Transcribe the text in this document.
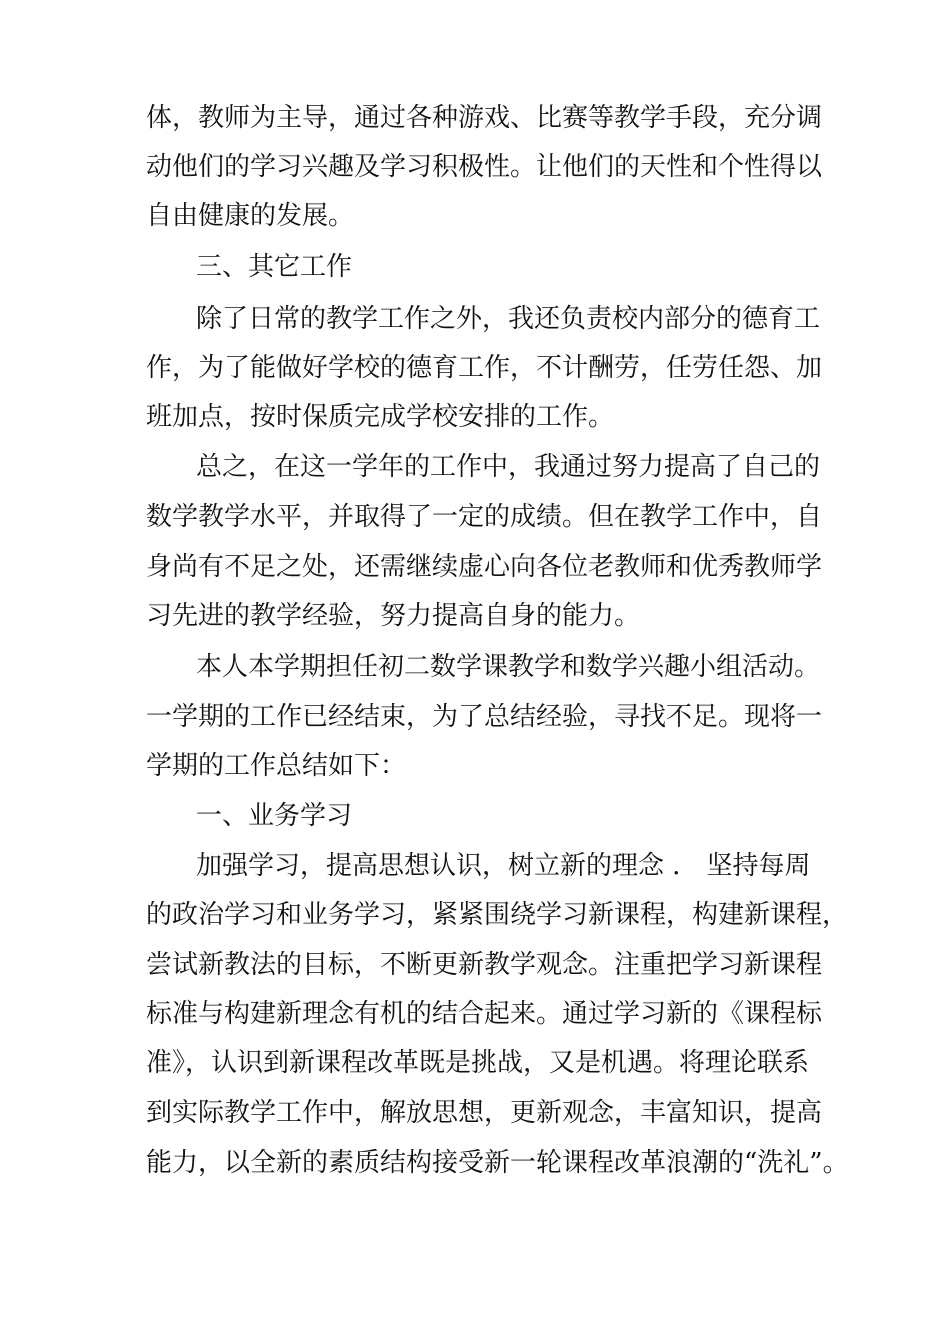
体，教师为主导，通过各种游戏、比赛等教学手段，充分调

动他们的学习兴趣及学习积极性。让他们的天性和个性得以

自由健康的发展。

三、其它工作

除了日常的教学工作之外，我还负责校内部分的德育工

作，为了能做好学校的德育工作，不计酬劳，任劳任怨、加

班加点，按时保质完成学校安排的工作。

总之，在这一学年的工作中，我通过努力提高了自己的

数学教学水平，并取得了一定的成绩。但在教学工作中，自

身尚有不足之处，还需继续虚心向各位老教师和优秀教师学

习先进的教学经验，努力提高自身的能力。

本人本学期担任初二数学课教学和数学兴趣小组活动。

一学期的工作已经结束，为了总结经验，寻找不足。现将一

学期的工作总结如下：

一、业务学习

加强学习，提高思想认识，树立新的理念 ． 坚持每周

的政治学习和业务学习，紧紧围绕学习新课程，构建新课程，

尝试新教法的目标，不断更新教学观念。注重把学习新课程

标准与构建新理念有机的结合起来。通过学习新的《课程标

准》，认识到新课程改革既是挑战，又是机遇。将理论联系

到实际教学工作中，解放思想，更新观念，丰富知识，提高

能力，以全新的素质结构接受新一轮课程改革浪潮的“洗礼”。
